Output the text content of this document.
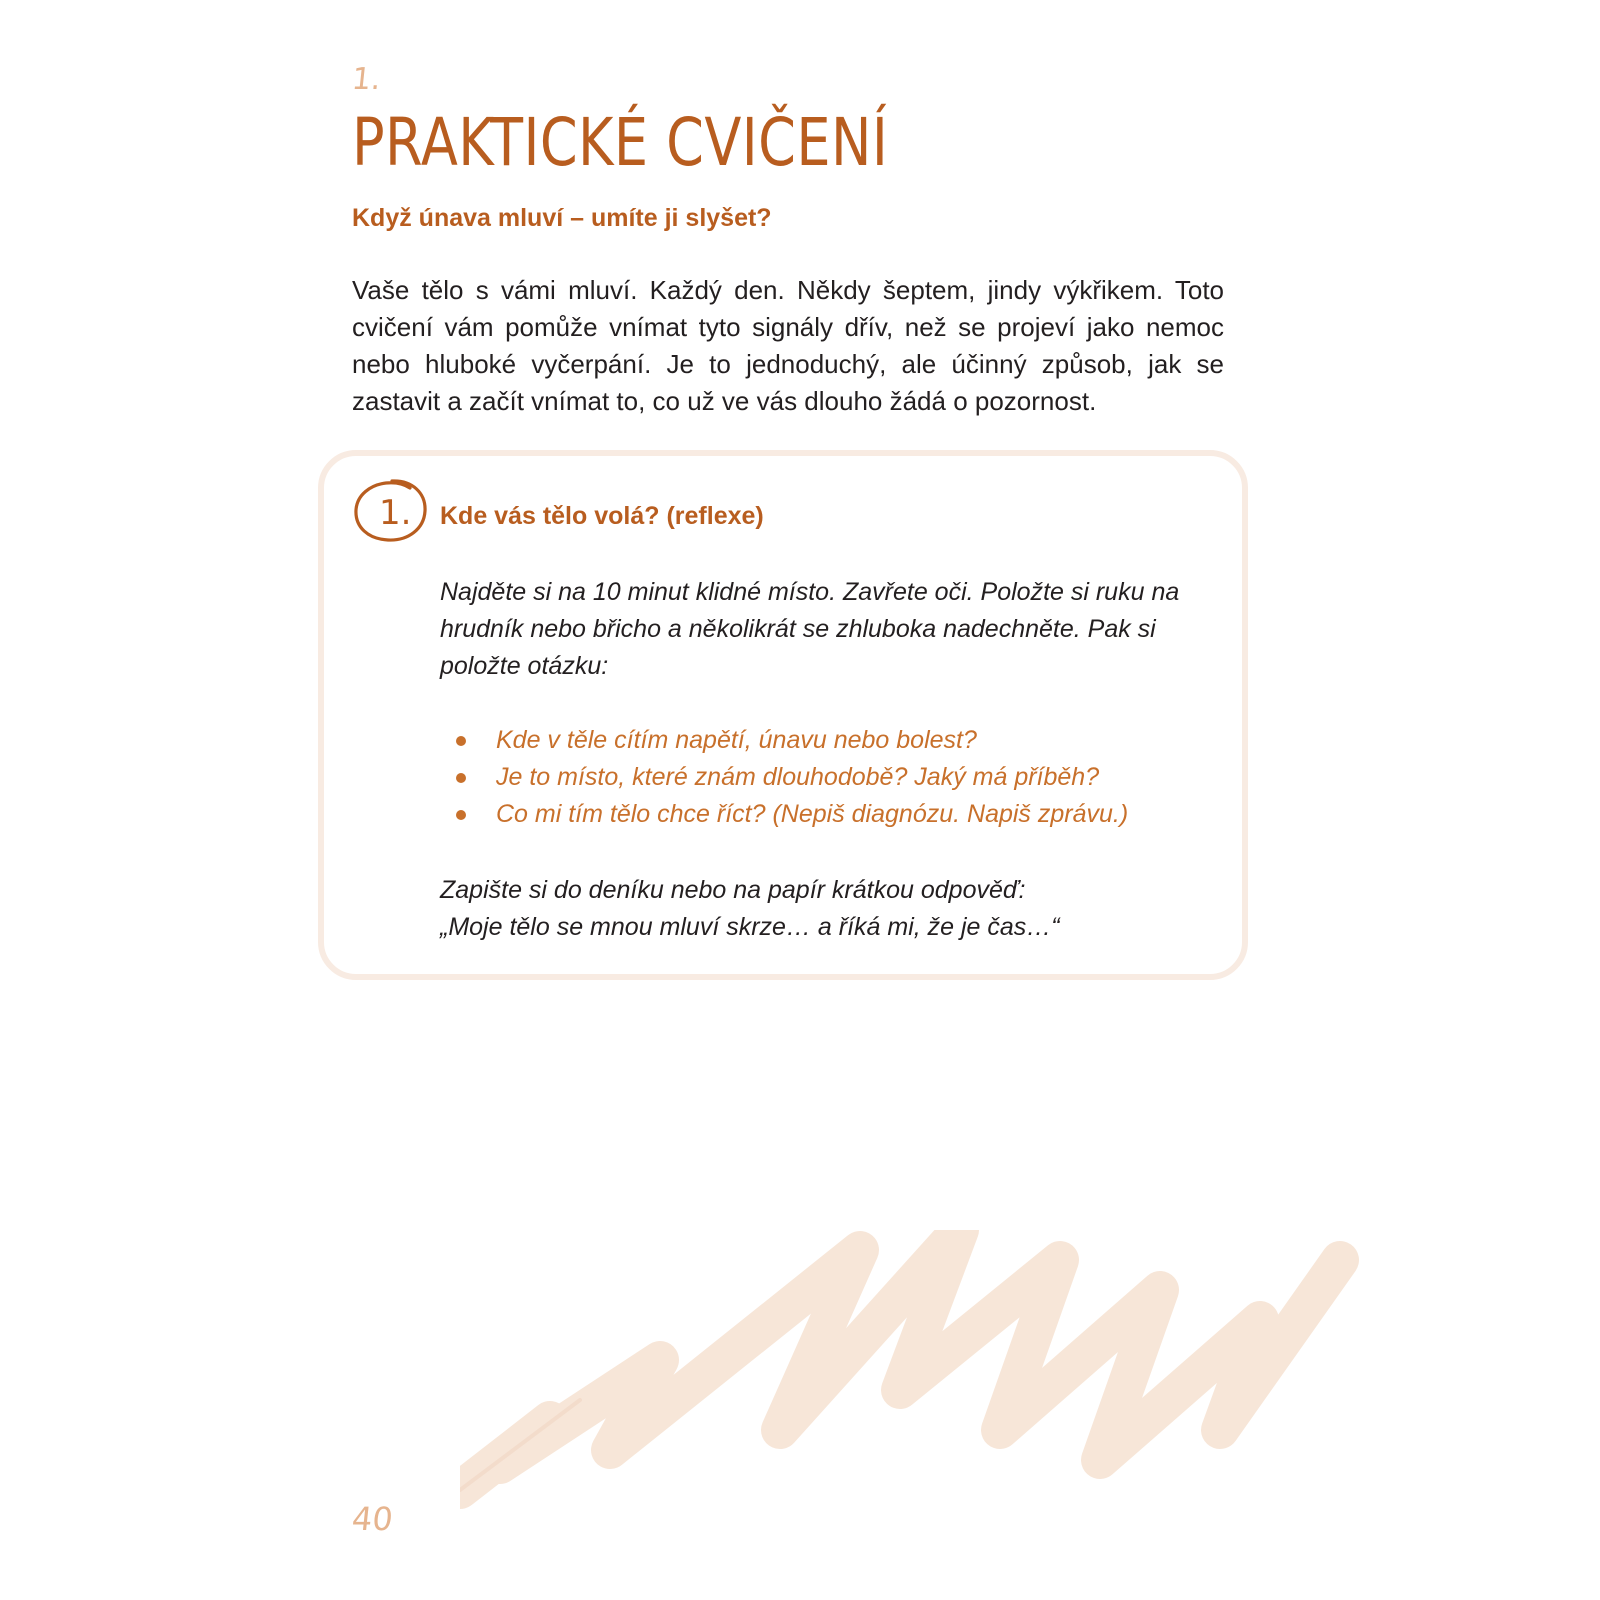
1.
PRAKTICKÉ CVIČENÍ
Když únava mluví – umíte ji slyšet?

Vaše tělo s vámi mluví. Každý den. Někdy šeptem, jindy výkřikem. Toto cvičení vám pomůže vnímat tyto signály dřív, než se projeví jako nemoc nebo hluboké vyčerpání. Je to jednoduchý, ale účinný způsob, jak se zastavit a začít vnímat to, co už ve vás dlouho žádá o pozornost.

1. Kde vás tělo volá? (reflexe)

Najděte si na 10 minut klidné místo. Zavřete oči. Položte si ruku na hrudník nebo břicho a několikrát se zhluboka nadechněte. Pak si položte otázku:

Kde v těle cítím napětí, únavu nebo bolest?
Je to místo, které znám dlouhodobě? Jaký má příběh?
Co mi tím tělo chce říct? (Nepiš diagnózu. Napiš zprávu.)

Zapište si do deníku nebo na papír krátkou odpověď:
„Moje tělo se mnou mluví skrze… a říká mi, že je čas…“

40
